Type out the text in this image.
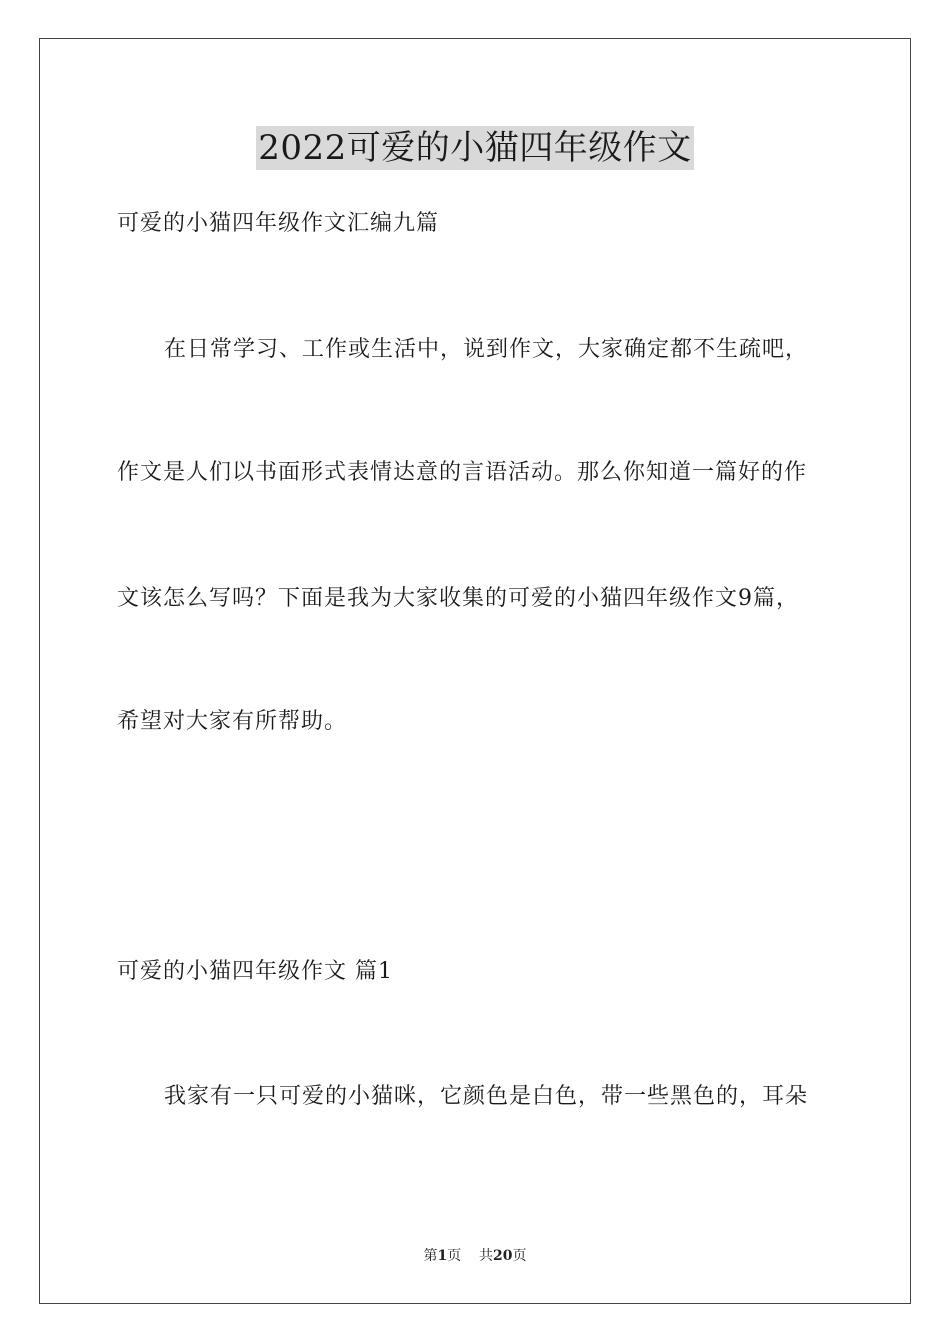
2022可爱的小猫四年级作文
可爱的小猫四年级作文汇编九篇
在日常学习、工作或生活中，说到作文，大家确定都不生疏吧，
作文是人们以书面形式表情达意的言语活动。那么你知道一篇好的作
文该怎么写吗？下面是我为大家收集的可爱的小猫四年级作文9篇，
希望对大家有所帮助。
可爱的小猫四年级作文 篇1
我家有一只可爱的小猫咪，它颜色是白色，带一些黑色的，耳朵
第1页 共20页
